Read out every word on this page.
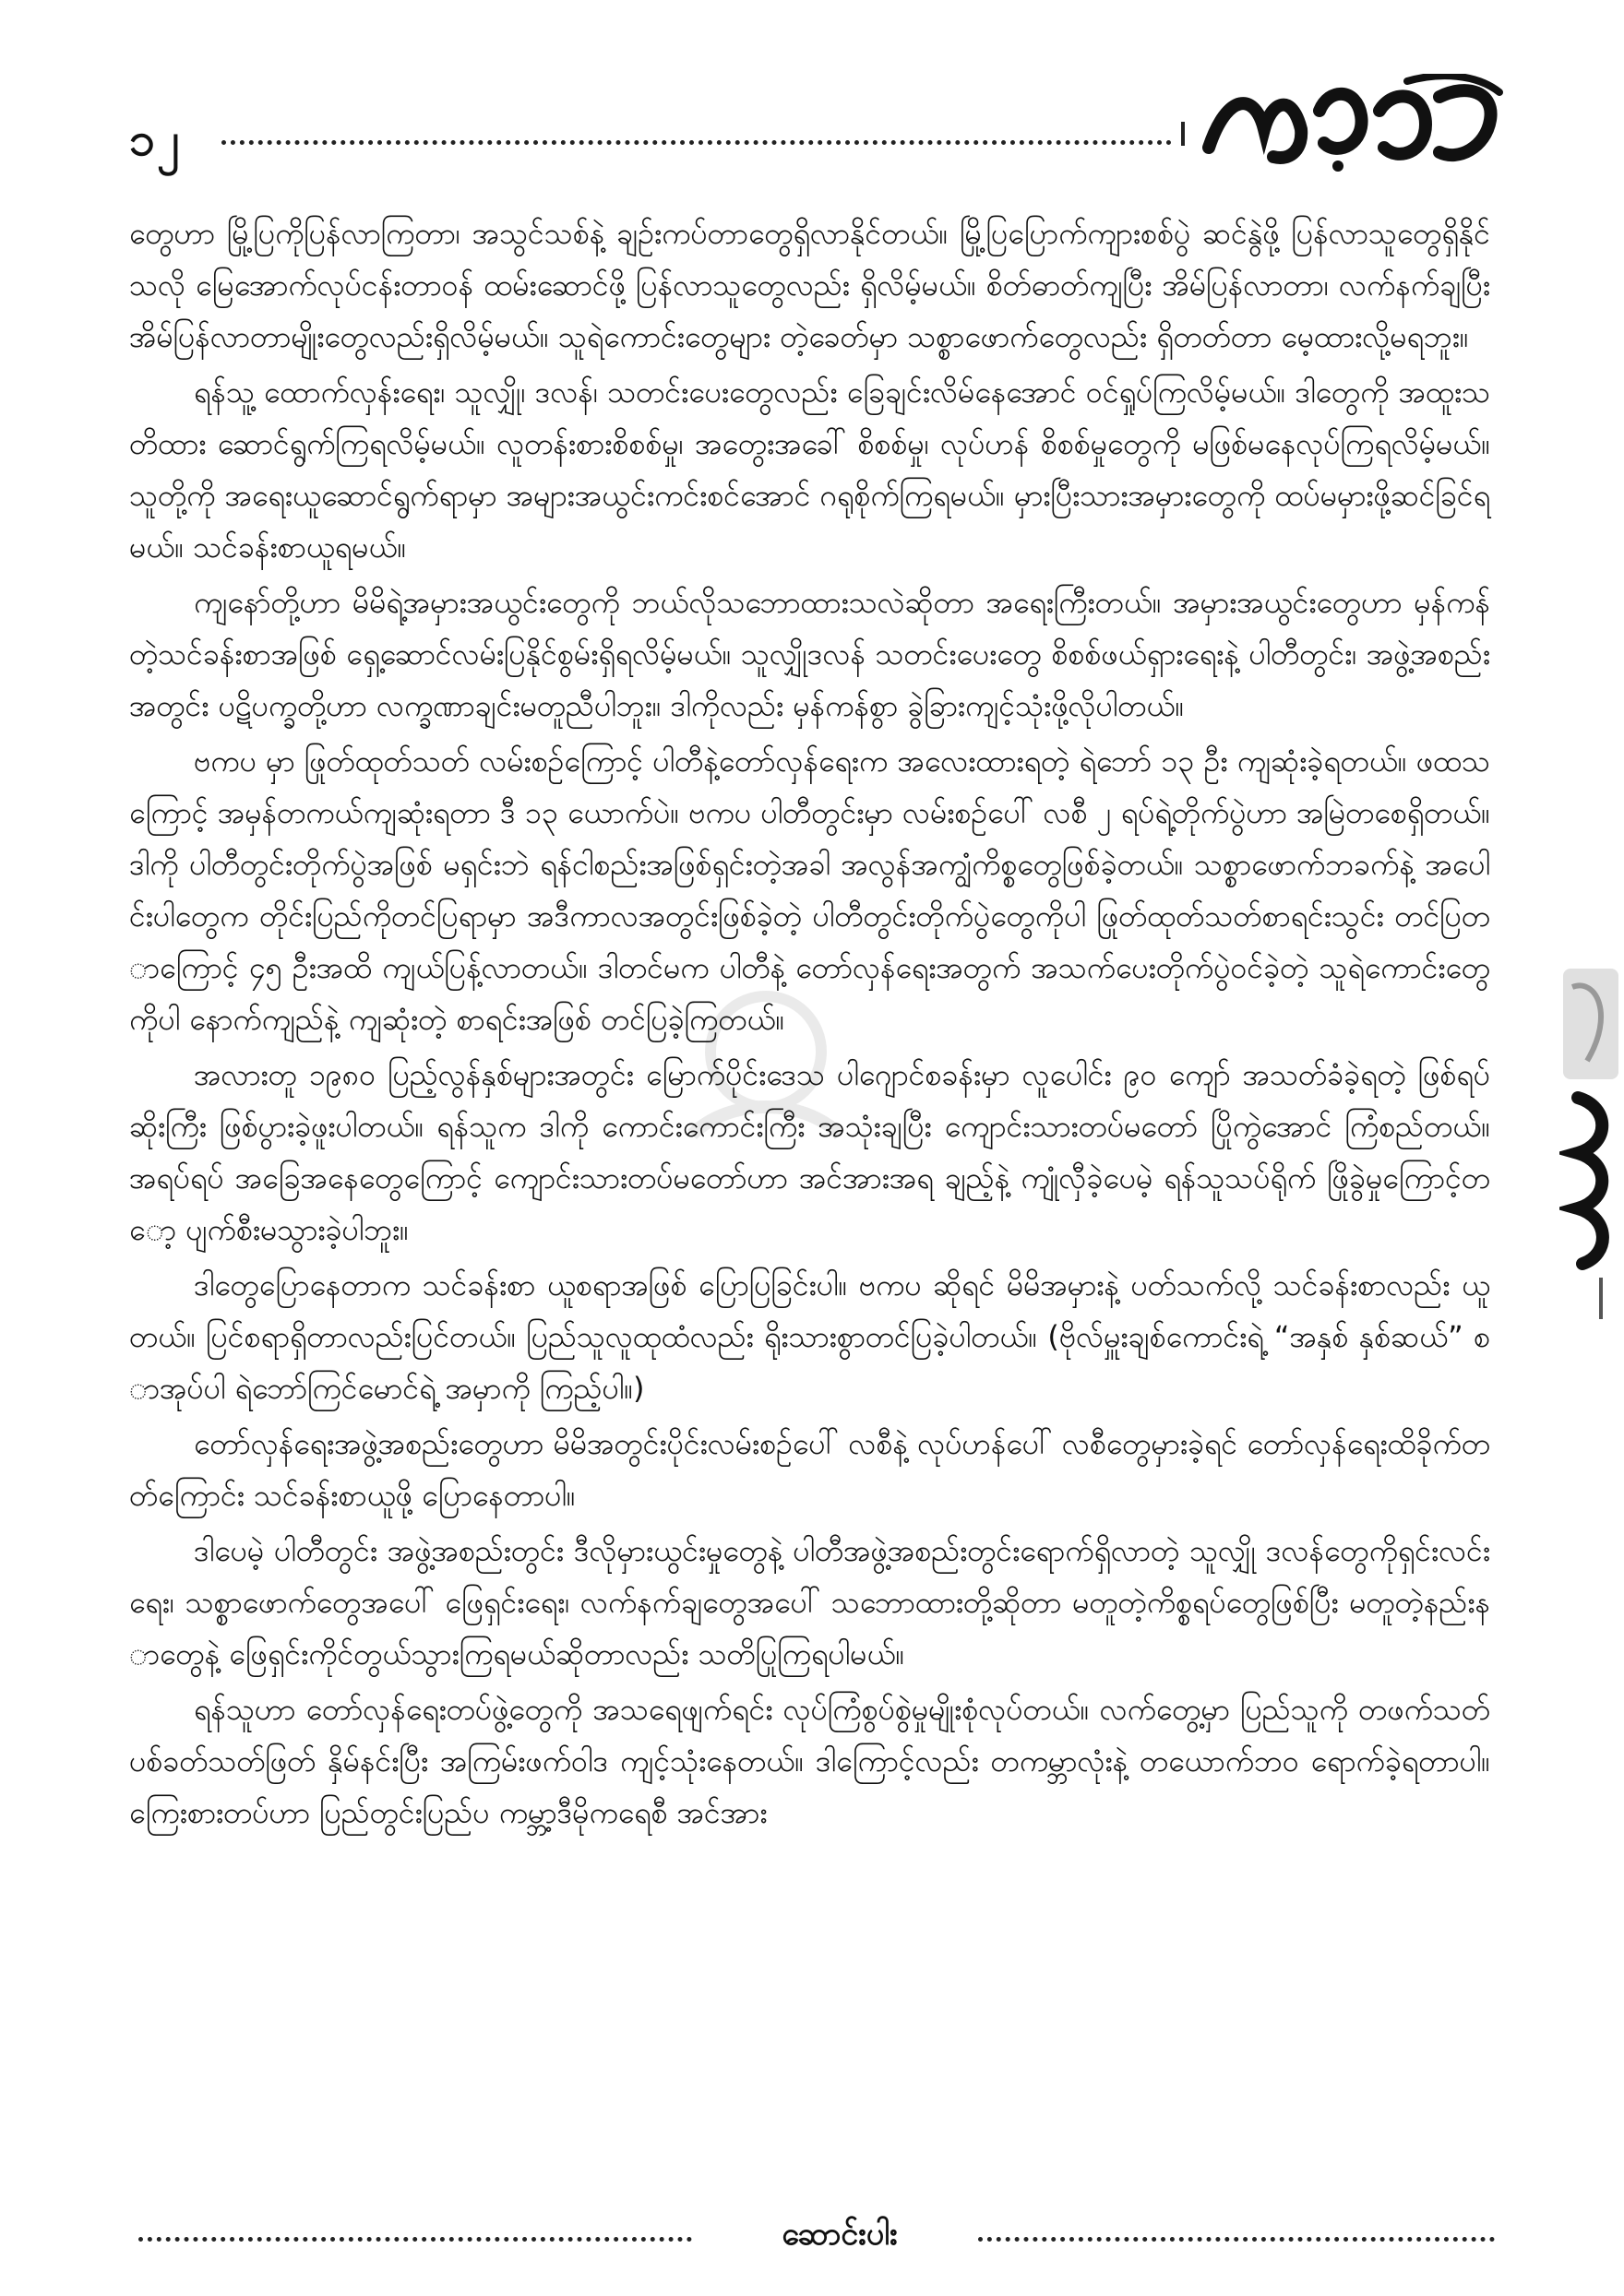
၁၂

တွေဟာ မြို့ပြကိုပြန်လာကြတာ၊ အသွင်သစ်နဲ့ ချဉ်းကပ်တာတွေရှိလာနိုင်တယ်။ မြို့ပြပြောက်ကျားစစ်ပွဲ ဆင်နွဲဖို့ ပြန်လာသူတွေရှိနိုင်သလို မြေအောက်လုပ်ငန်းတာဝန် ထမ်းဆောင်ဖို့ ပြန်လာသူတွေလည်း ရှိလိမ့်မယ်။ စိတ်ဓာတ်ကျပြီး အိမ်ပြန်လာတာ၊ လက်နက်ချပြီး အိမ်ပြန်လာတာမျိုးတွေလည်းရှိလိမ့်မယ်။ သူရဲကောင်းတွေများ တဲ့ခေတ်မှာ သစ္စာဖောက်တွေလည်း ရှိတတ်တာ မေ့ထားလို့မရဘူး။

ရန်သူ့ ထောက်လှန်းရေး၊ သူလျှို၊ ဒလန်၊ သတင်းပေးတွေလည်း ခြေချင်းလိမ်နေအောင် ဝင်ရှုပ်ကြလိမ့်မယ်။ ဒါတွေကို အထူးသတိထား ဆောင်ရွက်ကြရလိမ့်မယ်။ လူတန်းစားစိစစ်မှု၊ အတွေးအခေါ် စိစစ်မှု၊ လုပ်ဟန် စိစစ်မှုတွေကို မဖြစ်မနေလုပ်ကြရလိမ့်မယ်။ သူတို့ကို အရေးယူဆောင်ရွက်ရာမှာ အများအယွင်းကင်းစင်အောင် ဂရုစိုက်ကြရမယ်။ မှားပြီးသားအမှားတွေကို ထပ်မမှားဖို့ဆင်ခြင်ရမယ်။ သင်ခန်းစာယူရမယ်။

ကျနော်တို့ဟာ မိမိရဲ့အမှားအယွင်းတွေကို ဘယ်လိုသဘောထားသလဲဆိုတာ အရေးကြီးတယ်။ အမှားအယွင်းတွေဟာ မှန်ကန်တဲ့သင်ခန်းစာအဖြစ် ရှေ့ဆောင်လမ်းပြနိုင်စွမ်းရှိရလိမ့်မယ်။ သူလျှိုဒလန် သတင်းပေးတွေ စိစစ်ဖယ်ရှားရေးနဲ့ ပါတီတွင်း၊ အဖွဲ့အစည်းအတွင်း ပဋိပက္ခတို့ဟာ လက္ခဏာချင်းမတူညီပါဘူး။ ဒါကိုလည်း မှန်ကန်စွာ ခွဲခြားကျင့်သုံးဖို့လိုပါတယ်။

ဗကပ မှာ ဖြုတ်ထုတ်သတ် လမ်းစဉ်ကြောင့် ပါတီနဲ့တော်လှန်ရေးက အလေးထားရတဲ့ ရဲဘော် ၁၃ ဦး ကျဆုံးခဲ့ရတယ်။ ဖထသကြောင့် အမှန်တကယ်ကျဆုံးရတာ ဒီ ၁၃ ယောက်ပဲ။ ဗကပ ပါတီတွင်းမှာ လမ်းစဉ်ပေါ် လစီ ၂ ရပ်ရဲ့တိုက်ပွဲဟာ အမြဲတစေရှိတယ်။ ဒါကို ပါတီတွင်းတိုက်ပွဲအဖြစ် မရှင်းဘဲ ရန်ငါစည်းအဖြစ်ရှင်းတဲ့အခါ အလွန်အကျွံကိစ္စတွေဖြစ်ခဲ့တယ်။ သစ္စာဖောက်ဘခက်နဲ့ အပေါင်းပါတွေက တိုင်းပြည်ကိုတင်ပြရာမှာ အဒီကာလအတွင်းဖြစ်ခဲ့တဲ့ ပါတီတွင်းတိုက်ပွဲတွေကိုပါ ဖြုတ်ထုတ်သတ်စာရင်းသွင်း တင်ပြတာကြောင့် ၄၅ ဦးအထိ ကျယ်ပြန့်လာတယ်။ ဒါတင်မက ပါတီနဲ့ တော်လှန်ရေးအတွက် အသက်ပေးတိုက်ပွဲဝင်ခဲ့တဲ့ သူရဲကောင်းတွေကိုပါ နောက်ကျည်နဲ့ ကျဆုံးတဲ့ စာရင်းအဖြစ် တင်ပြခဲ့ကြတယ်။

အလားတူ ၁၉၈၀ ပြည့်လွန်နှစ်များအတွင်း မြောက်ပိုင်းဒေသ ပါဂျောင်စခန်းမှာ လူပေါင်း ၉၀ ကျော် အသတ်ခံခဲ့ရတဲ့ ဖြစ်ရပ်ဆိုးကြီး ဖြစ်ပွားခဲ့ဖူးပါတယ်။ ရန်သူက ဒါကို ကောင်းကောင်းကြီး အသုံးချပြီး ကျောင်းသားတပ်မတော် ပြိုကွဲအောင် ကြံစည်တယ်။ အရပ်ရပ် အခြေအနေတွေကြောင့် ကျောင်းသားတပ်မတော်ဟာ အင်အားအရ ချည့်နဲ့ ကျုံလှီခဲ့ပေမဲ့ ရန်သူသပ်ရိုက် ဖြိုခွဲမှုကြောင့်တော့ ပျက်စီးမသွားခဲ့ပါဘူး။

ဒါတွေပြောနေတာက သင်ခန်းစာ ယူစရာအဖြစ် ပြောပြခြင်းပါ။ ဗကပ ဆိုရင် မိမိအမှားနဲ့ ပတ်သက်လို့ သင်ခန်းစာလည်း ယူတယ်။ ပြင်စရာရှိတာလည်းပြင်တယ်။ ပြည်သူလူထုထံလည်း ရိုးသားစွာတင်ပြခဲ့ပါတယ်။ (ဗိုလ်မှူးချစ်ကောင်းရဲ့ “အနှစ် နှစ်ဆယ်” စာအုပ်ပါ ရဲဘော်ကြင်မောင်ရဲ့ အမှာကို ကြည့်ပါ။)

တော်လှန်ရေးအဖွဲ့အစည်းတွေဟာ မိမိအတွင်းပိုင်းလမ်းစဉ်ပေါ် လစီနဲ့ လုပ်ဟန်ပေါ် လစီတွေမှားခဲ့ရင် တော်လှန်ရေးထိခိုက်တတ်ကြောင်း သင်ခန်းစာယူဖို့ ပြောနေတာပါ။

ဒါပေမဲ့ ပါတီတွင်း အဖွဲ့အစည်းတွင်း ဒီလိုမှားယွင်းမှုတွေနဲ့ ပါတီအဖွဲ့အစည်းတွင်းရောက်ရှိလာတဲ့ သူလျှို ဒလန်တွေကိုရှင်းလင်းရေး၊ သစ္စာဖောက်တွေအပေါ် ဖြေရှင်းရေး၊ လက်နက်ချတွေအပေါ် သဘောထားတို့ဆိုတာ မတူတဲ့ကိစ္စရပ်တွေဖြစ်ပြီး မတူတဲ့နည်းနာတွေနဲ့ ဖြေရှင်းကိုင်တွယ်သွားကြရမယ်ဆိုတာလည်း သတိပြုကြရပါမယ်။

ရန်သူဟာ တော်လှန်ရေးတပ်ဖွဲ့တွေကို အသရေဖျက်ရင်း လုပ်ကြံစွပ်စွဲမှုမျိုးစုံလုပ်တယ်။ လက်တွေ့မှာ ပြည်သူကို တဖက်သတ် ပစ်ခတ်သတ်ဖြတ် နှိမ်နင်းပြီး အကြမ်းဖက်ဝါဒ ကျင့်သုံးနေတယ်။ ဒါကြောင့်လည်း တကမ္ဘာလုံးနဲ့ တယောက်ဘဝ ရောက်ခဲ့ရတာပါ။ ကြေးစားတပ်ဟာ ပြည်တွင်းပြည်ပ ကမ္ဘာ့ဒီမိုကရေစီ အင်အား

ဆောင်းပါး
